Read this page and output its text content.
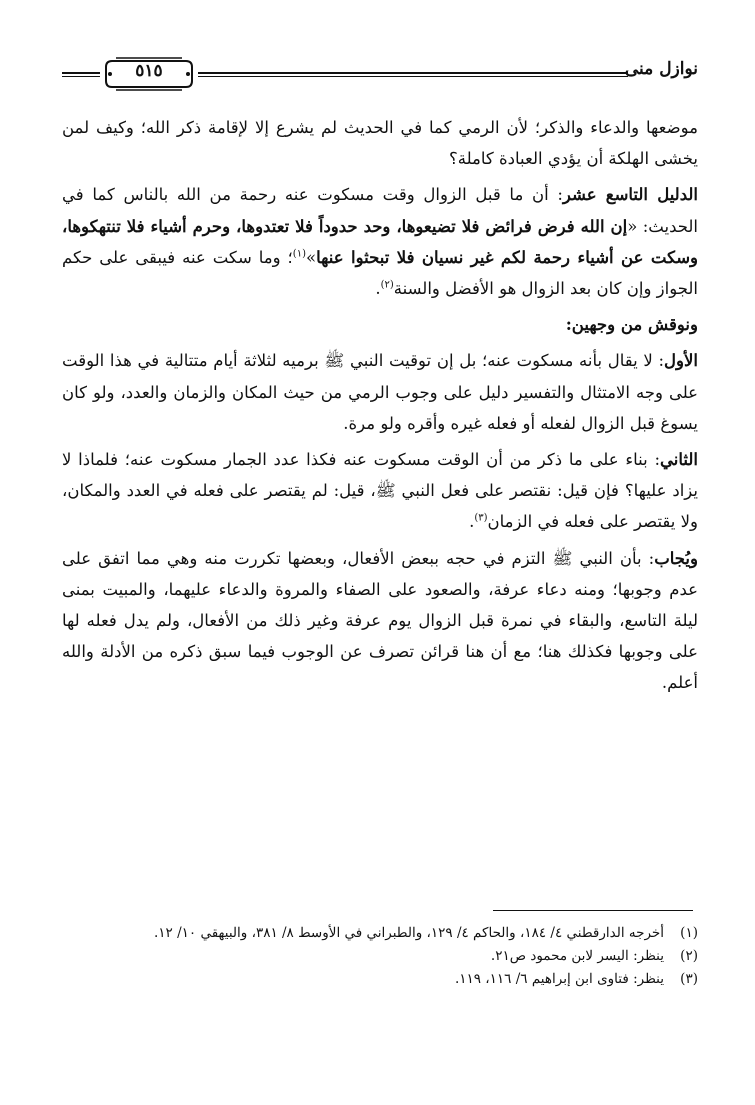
نوازل منى
٥١٥

موضعها والدعاء والذكر؛ لأن الرمي كما في الحديث لم يشرع إلا لإقامة ذكر الله؛ وكيف لمن يخشى الهلكة أن يؤدي العبادة كاملة؟

الدليل التاسع عشر: أن ما قبل الزوال وقت مسكوت عنه رحمة من الله بالناس كما في الحديث: «إن الله فرض فرائض فلا تضيعوها، وحد حدوداً فلا تعتدوها، وحرم أشياء فلا تنتهكوها، وسكت عن أشياء رحمة لكم غير نسيان فلا تبحثوا عنها»$^{(١)}$؛ وما سكت عنه فيبقى على حكم الجواز وإن كان بعد الزوال هو الأفضل والسنة$^{(٢)}$.

ونوقش من وجهين:

الأول: لا يقال بأنه مسكوت عنه؛ بل إن توقيت النبي ﷺ برميه لثلاثة أيام متتالية في هذا الوقت على وجه الامتثال والتفسير دليل على وجوب الرمي من حيث المكان والزمان والعدد، ولو كان يسوغ قبل الزوال لفعله أو فعله غيره وأقره ولو مرة.

الثاني: بناء على ما ذكر من أن الوقت مسكوت عنه فكذا عدد الجمار مسكوت عنه؛ فلماذا لا يزاد عليها؟ فإن قيل: نقتصر على فعل النبي ﷺ، قيل: لم يقتصر على فعله في العدد والمكان، ولا يقتصر على فعله في الزمان$^{(٣)}$.

ويُجاب: بأن النبي ﷺ التزم في حجه ببعض الأفعال، وبعضها تكررت منه وهي مما اتفق على عدم وجوبها؛ ومنه دعاء عرفة، والصعود على الصفاء والمروة والدعاء عليهما، والمبيت بمنى ليلة التاسع، والبقاء في نمرة قبل الزوال يوم عرفة وغير ذلك من الأفعال، ولم يدل فعله لها على وجوبها فكذلك هنا؛ مع أن هنا قرائن تصرف عن الوجوب فيما سبق ذكره من الأدلة والله أعلم.

(١)
أخرجه الدارقطني ٤/ ١٨٤، والحاكم ٤/ ١٢٩، والطبراني في الأوسط ٨/ ٣٨١، والبيهقي ١٠/ ١٢.
(٢)
ينظر: اليسر لابن محمود ص٢١.
(٣)
ينظر: فتاوى ابن إبراهيم ٦/ ١١٦، ١١٩.
